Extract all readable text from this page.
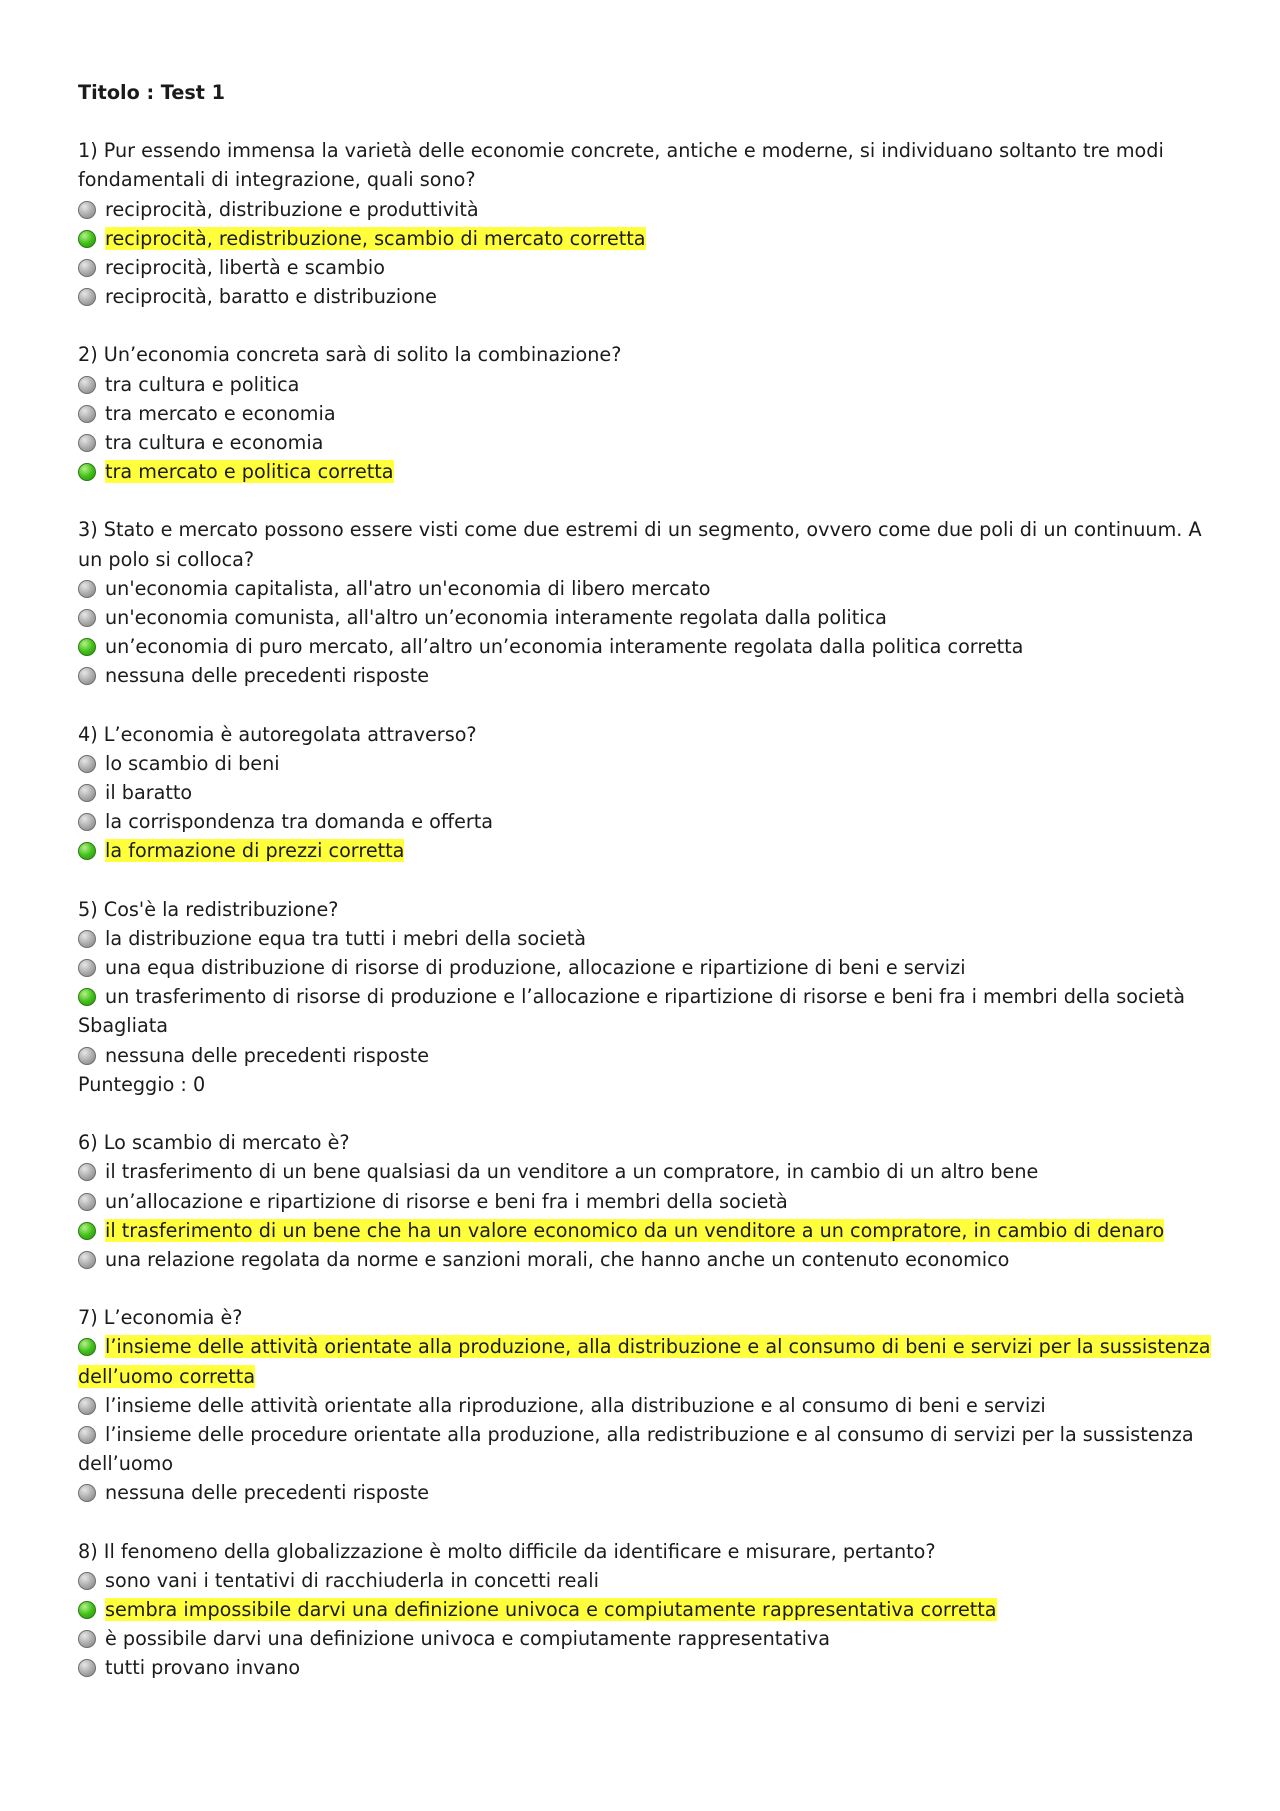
Titolo : Test 1
1) Pur essendo immensa la varietà delle economie concrete, antiche e moderne, si individuano soltanto tre modi fondamentali di integrazione, quali sono?
reciprocità, distribuzione e produttività
reciprocità, redistribuzione, scambio di mercato corretta
reciprocità, libertà e scambio
reciprocità, baratto e distribuzione
2) Un’economia concreta sarà di solito la combinazione?
tra cultura e politica
tra mercato e economia
tra cultura e economia
tra mercato e politica corretta
3) Stato e mercato possono essere visti come due estremi di un segmento, ovvero come due poli di un continuum. A un polo si colloca?
un'economia capitalista, all'atro un'economia di libero mercato
un'economia comunista, all'altro un’economia interamente regolata dalla politica
un’economia di puro mercato, all’altro un’economia interamente regolata dalla politica corretta
nessuna delle precedenti risposte
4) L’economia è autoregolata attraverso?
lo scambio di beni
il baratto
la corrispondenza tra domanda e offerta
la formazione di prezzi corretta
5) Cos'è la redistribuzione?
la distribuzione equa tra tutti i mebri della società
una equa distribuzione di risorse di produzione, allocazione e ripartizione di beni e servizi
un trasferimento di risorse di produzione e l’allocazione e ripartizione di risorse e beni fra i membri della società Sbagliata
nessuna delle precedenti risposte
Punteggio : 0
6) Lo scambio di mercato è?
il trasferimento di un bene qualsiasi da un venditore a un compratore, in cambio di un altro bene
un’allocazione e ripartizione di risorse e beni fra i membri della società
il trasferimento di un bene che ha un valore economico da un venditore a un compratore, in cambio di denaro
una relazione regolata da norme e sanzioni morali, che hanno anche un contenuto economico
7) L’economia è?
l’insieme delle attività orientate alla produzione, alla distribuzione e al consumo di beni e servizi per la sussistenza dell’uomo corretta
l’insieme delle attività orientate alla riproduzione, alla distribuzione e al consumo di beni e servizi
l’insieme delle procedure orientate alla produzione, alla redistribuzione e al consumo di servizi per la sussistenza dell’uomo
nessuna delle precedenti risposte
8) Il fenomeno della globalizzazione è molto difficile da identificare e misurare, pertanto?
sono vani i tentativi di racchiuderla in concetti reali
sembra impossibile darvi una definizione univoca e compiutamente rappresentativa corretta
è possibile darvi una definizione univoca e compiutamente rappresentativa
tutti provano invano
